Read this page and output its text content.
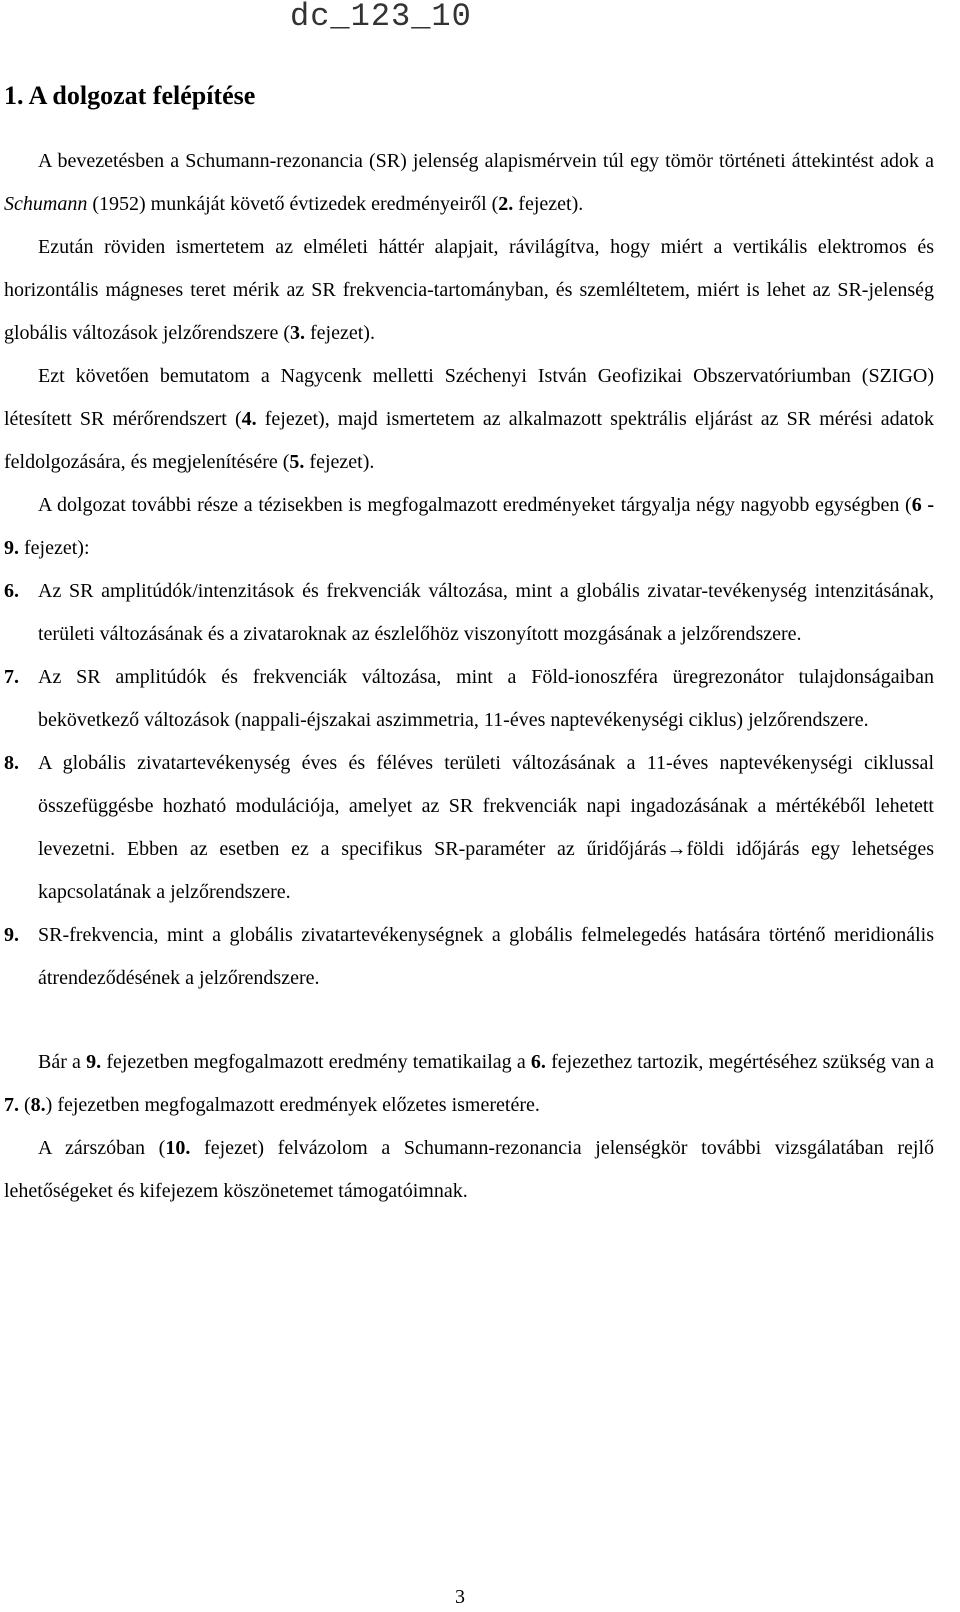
dc_123_10
1. A dolgozat felépítése

A bevezetésben a Schumann-rezonancia (SR) jelenség alapismérvein túl egy tömör történeti áttekintést adok a Schumann (1952) munkáját követő évtizedek eredményeiről (2. fejezet).

Ezután röviden ismertetem az elméleti háttér alapjait, rávilágítva, hogy miért a vertikális elektromos és horizontális mágneses teret mérik az SR frekvencia-tartományban, és szemléltetem, miért is lehet az SR-jelenség globális változások jelzőrendszere (3. fejezet).

Ezt követően bemutatom a Nagycenk melletti Széchenyi István Geofizikai Obszervatóriumban (SZIGO) létesített SR mérőrendszert (4. fejezet), majd ismertetem az alkalmazott spektrális eljárást az SR mérési adatok feldolgozására, és megjelenítésére (5. fejezet).

A dolgozat további része a tézisekben is megfogalmazott eredményeket tárgyalja négy nagyobb egységben (6 - 9. fejezet):

6. Az SR amplitúdók/intenzitások és frekvenciák változása, mint a globális zivatar-tevékenység intenzitásának, területi változásának és a zivataroknak az észlelőhöz viszonyított mozgásának a jelzőrendszere.
7. Az SR amplitúdók és frekvenciák változása, mint a Föld-ionoszféra üregrezonátor tulajdonságaiban bekövetkező változások (nappali-éjszakai aszimmetria, 11-éves naptevékenységi ciklus) jelzőrendszere.
8. A globális zivatartevékenység éves és féléves területi változásának a 11-éves naptevékenységi ciklussal összefüggésbe hozható modulációja, amelyet az SR frekvenciák napi ingadozásának a mértékéből lehetett levezetni. Ebben az esetben ez a specifikus SR-paraméter az űridőjárás→földi időjárás egy lehetséges kapcsolatának a jelzőrendszere.
9. SR-frekvencia, mint a globális zivatartevékenységnek a globális felmelegedés hatására történő meridionális átrendeződésének a jelzőrendszere.

Bár a 9. fejezetben megfogalmazott eredmény tematikailag a 6. fejezethez tartozik, megértéséhez szükség van a 7. (8.) fejezetben megfogalmazott eredmények előzetes ismeretére.

A zárszóban (10. fejezet) felvázolom a Schumann-rezonancia jelenségkör további vizsgálatában rejlő lehetőségeket és kifejezem köszönetemet támogatóimnak.

3
